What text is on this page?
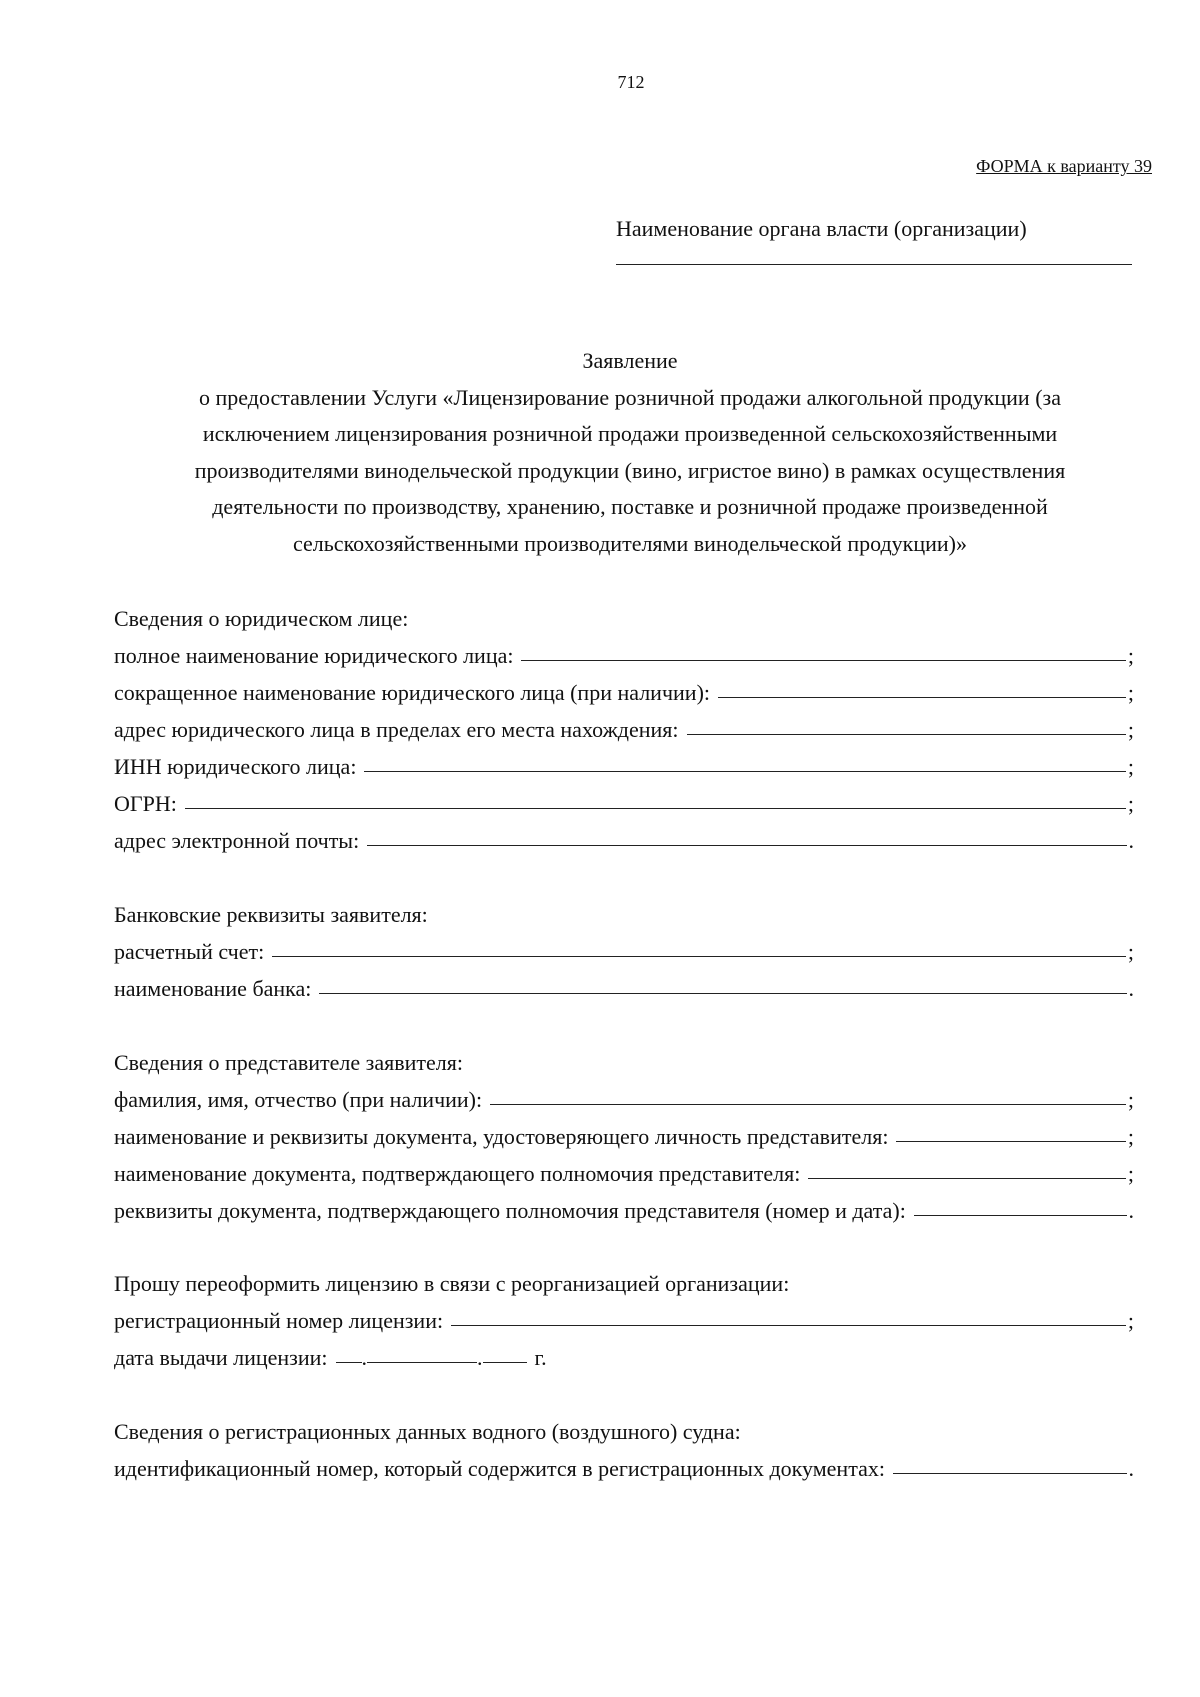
712
ФОРМА к варианту 39
Наименование органа власти (организации)
Заявление
о предоставлении Услуги «Лицензирование розничной продажи алкогольной продукции (за
исключением лицензирования розничной продажи произведенной сельскохозяйственными
производителями винодельческой продукции (вино, игристое вино) в рамках осуществления
деятельности по производству, хранению, поставке и розничной продаже произведенной
сельскохозяйственными производителями винодельческой продукции)»
Сведения о юридическом лице:
полное наименование юридического лица:	;
сокращенное наименование юридического лица (при наличии):	;
адрес юридического лица в пределах его места нахождения:	;
ИНН юридического лица:	;
ОГРН:	;
адрес электронной почты:	.
Банковские реквизиты заявителя:
расчетный счет:	;
наименование банка:	.
Сведения о представителе заявителя:
фамилия, имя, отчество (при наличии):	;
наименование и реквизиты документа, удостоверяющего личность представителя:	;
наименование документа, подтверждающего полномочия представителя:	;
реквизиты документа, подтверждающего полномочия представителя (номер и дата):	.
Прошу переоформить лицензию в связи с реорганизацией организации:
регистрационный номер лицензии:	;
дата выдачи лицензии: .	. г.
Сведения о регистрационных данных водного (воздушного) судна:
идентификационный номер, который содержится в регистрационных документах:	.
